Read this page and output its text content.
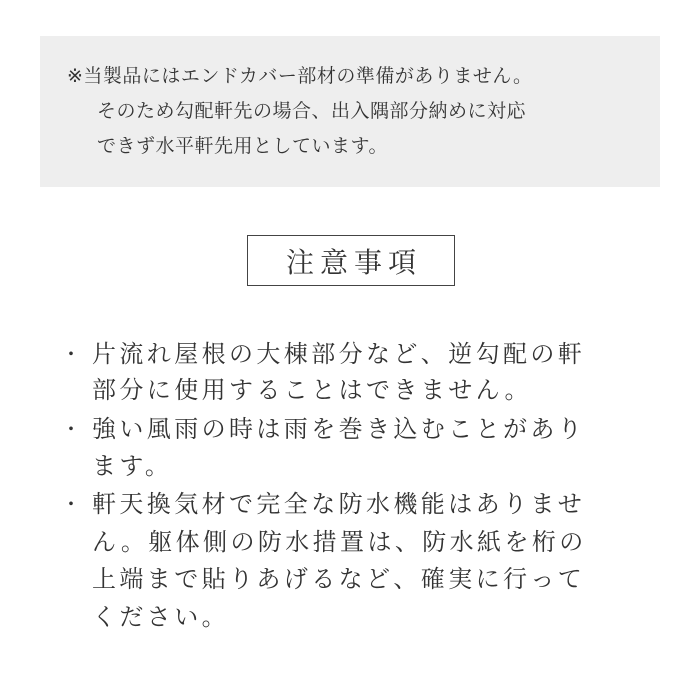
※当製品にはエンドカバー部材の準備がありません。
そのため勾配軒先の場合、出入隅部分納めに対応
できず水平軒先用としています。
注意事項
・ 片流れ屋根の大棟部分など、逆勾配の軒
部分に使用することはできません。
・ 強い風雨の時は雨を巻き込むことがあり
ます。
・ 軒天換気材で完全な防水機能はありませ
ん。躯体側の防水措置は、防水紙を桁の
上端まで貼りあげるなど、確実に行って
ください。
